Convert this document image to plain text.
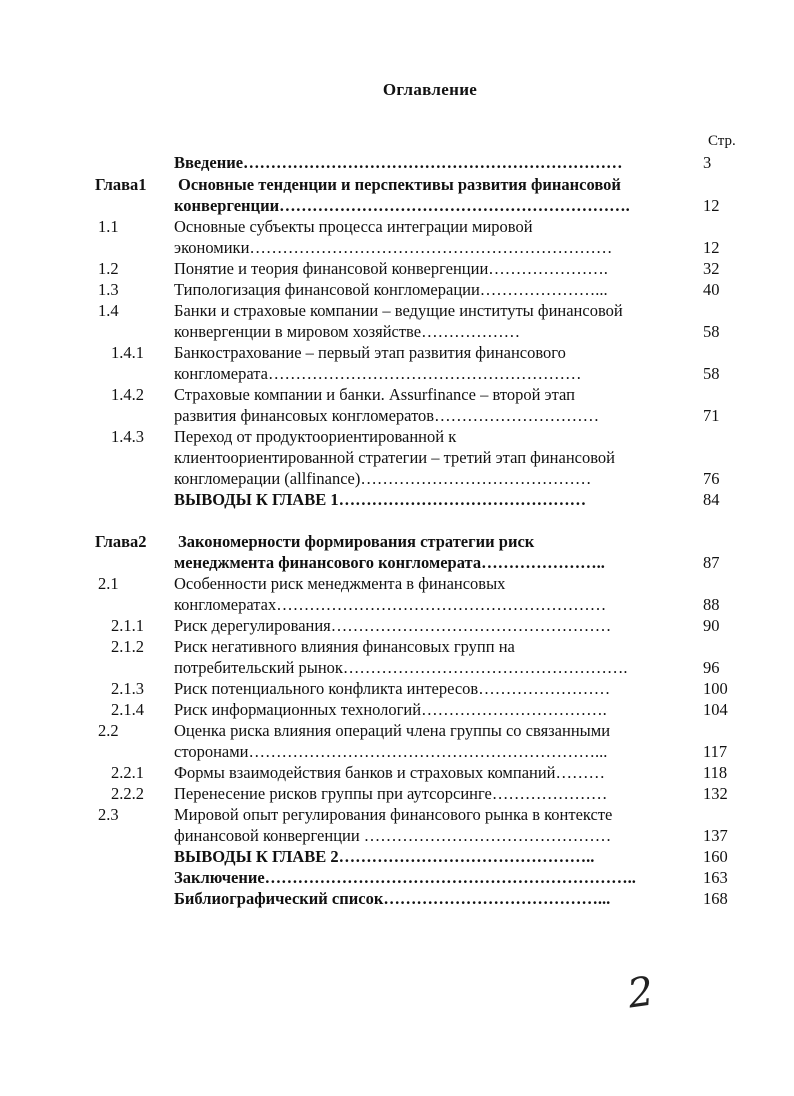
Оглавление
Стр.
Введение……………………………………………………………	3
Глава1 Основные тенденции и перспективы развития финансовой
конвергенции……………………………………………………….	12
1.1	Основные субъекты процесса интеграции мировой
экономики…………………………………………………………	12
1.2	Понятие и теория финансовой конвергенции………………….	32
1.3	Типологизация финансовой конгломерации…………………...	40
1.4	Банки и страховые компании – ведущие институты финансовой
конвергенции в мировом хозяйстве………………	58
1.4.1 Банкострахование – первый этап развития финансового
конгломерата…………………………………………………	58
1.4.2 Страховые компании и банки. Assurfinance – второй этап
развития финансовых конгломератов…………………………	71
1.4.3 Переход от продуктоориентированной к
клиентоориентированной стратегии – третий этап финансовой
конгломерации (allfinance)……………………………………	76
ВЫВОДЫ К ГЛАВЕ 1………………………………………	84
Глава2 Закономерности формирования стратегии риск
менеджмента финансового конгломерата…………………..	87
2.1	Особенности риск менеджмента в финансовых
конгломератах……………………………………………………	88
2.1.1 Риск дерегулирования……………………………………………	90
2.1.2 Риск негативного влияния финансовых групп на
потребительский рынок…………………………………………….	96
2.1.3 Риск потенциального конфликта интересов……………………	100
2.1.4 Риск информационных технологий…………………………….	104
2.2	Оценка риска влияния операций члена группы со связанными
сторонами………………………………………………………...	117
2.2.1 Формы взаимодействия банков и страховых компаний………	118
2.2.2 Перенесение рисков группы при аутсорсинге…………………	132
2.3	Мировой опыт регулирования финансового рынка в контексте
финансовой конвергенции ………………………………………	137
ВЫВОДЫ К ГЛАВЕ 2………………………………………..	160
Заключение…………………………………………………………..	163
Библиографический список…………………………………...	168
2
